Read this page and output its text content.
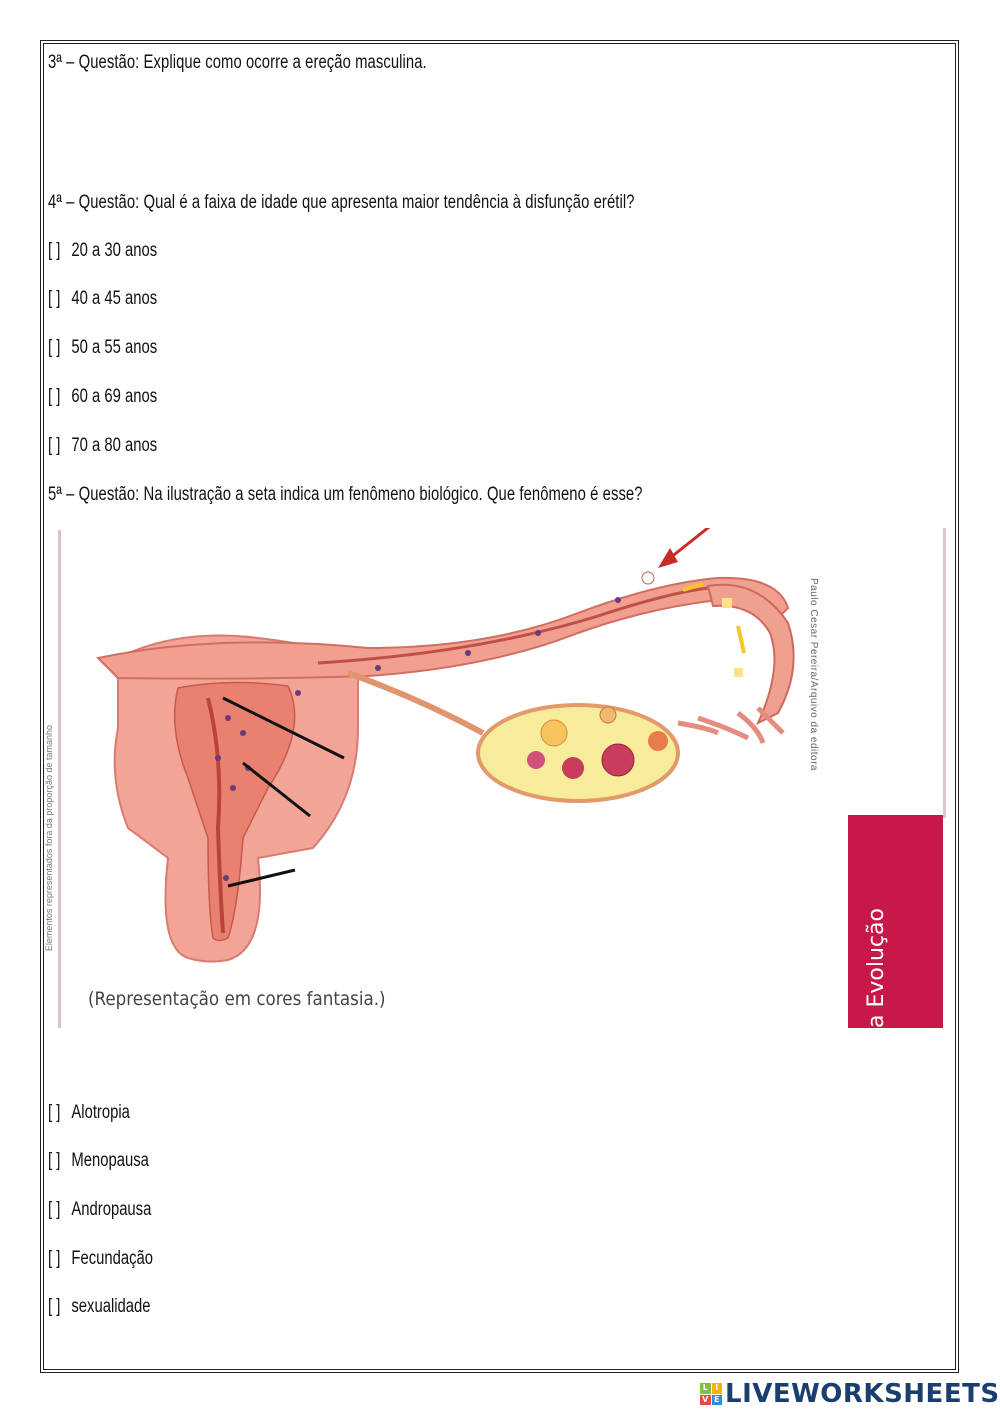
3ª – Questão: Explique como ocorre a ereção masculina.
4ª – Questão: Qual é a faixa de idade que apresenta maior tendência à disfunção erétil?
[ ] 20 a 30 anos
[ ] 40 a 45 anos
[ ] 50 a 55 anos
[ ] 60 a 69 anos
[ ] 70 a 80 anos
5ª – Questão: Na ilustração a seta indica um fenômeno biológico. Que fenômeno é esse?
(Representação em cores fantasia.)
Paulo Cesar Pereira/Arquivo da editora
Elementos representados fora da proporção de tamanho
a Evolução
[ ] Alotropia
[ ] Menopausa
[ ] Andropausa
[ ] Fecundação
[ ] sexualidade
L I
V E LIVEWORKSHEETS
